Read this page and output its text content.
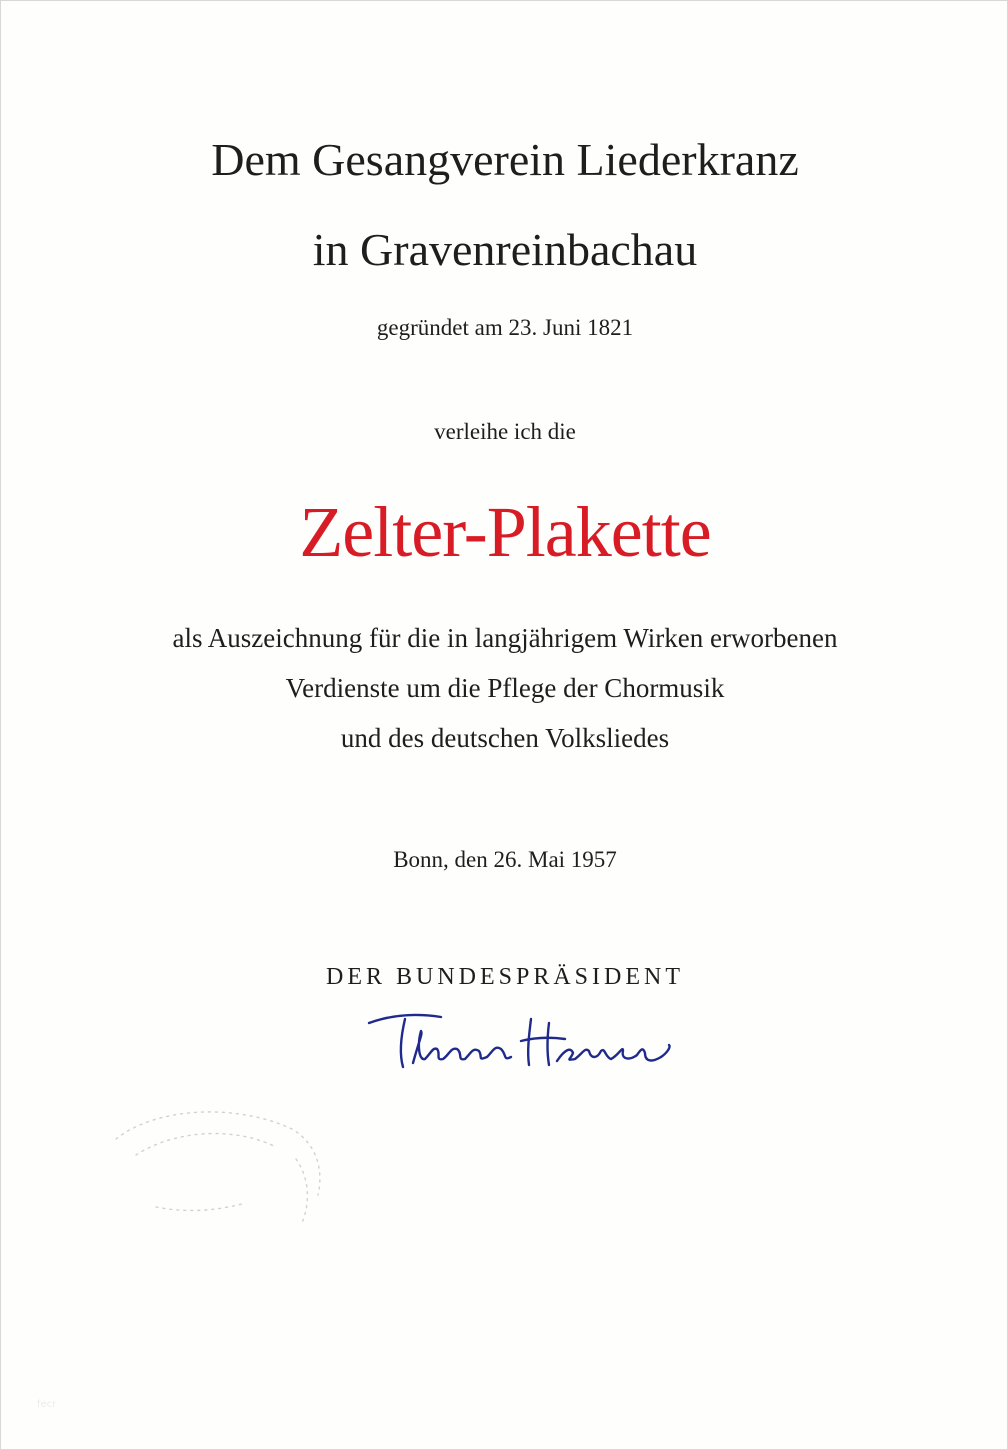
Dem Gesangverein Liederkranz
in Gravenreinbachau
gegründet am 23. Juni 1821
verleihe ich die
Zelter-Plakette
als Auszeichnung für die in langjährigem Wirken erworbenen
Verdienste um die Pflege der Chormusik
und des deutschen Volksliedes
Bonn, den 26. Mai 1957
DER BUNDESPRÄSIDENT
fecr
